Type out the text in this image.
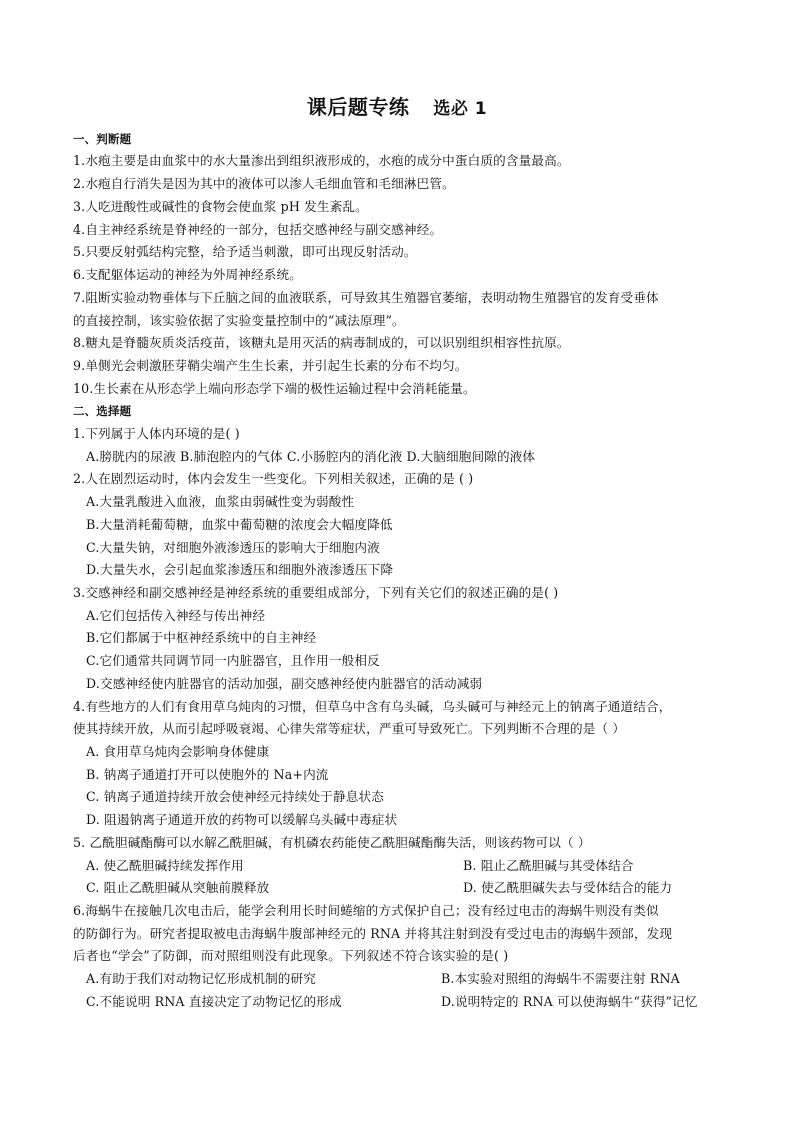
课后题专练 选必 1
一、判断题
1.水疱主要是由血浆中的水大量渗出到组织液形成的，水疱的成分中蛋白质的含量最高。
2.水疱自行消失是因为其中的液体可以渗人毛细血管和毛细淋巴管。
3.人吃进酸性或碱性的食物会使血浆 pH 发生紊乱。
4.自主神经系统是脊神经的一部分，包括交感神经与副交感神经。
5.只要反射弧结构完整，给予适当刺激，即可出现反射活动。
6.支配躯体运动的神经为外周神经系统。
7.阻断实验动物垂体与下丘脑之间的血液联系，可导致其生殖器官萎缩，表明动物生殖器官的发育受垂体
的直接控制，该实验依据了实验变量控制中的“减法原理”。
8.糖丸是脊髓灰质炎活疫苗，该糖丸是用灭活的病毒制成的，可以识别组织相容性抗原。
9.单侧光会刺激胚芽鞘尖端产生生长素，并引起生长素的分布不均匀。
10.生长素在从形态学上端向形态学下端的极性运输过程中会消耗能量。
二、选择题
1.下列属于人体内环境的是( )
A.膀胱内的尿液 B.肺泡腔内的气体 C.小肠腔内的消化液 D.大脑细胞间隙的液体
2.人在剧烈运动时，体内会发生一些变化。下列相关叙述，正确的是 ( )
A.大量乳酸进入血液，血浆由弱碱性变为弱酸性
B.大量消耗葡萄糖，血浆中葡萄糖的浓度会大幅度降低
C.大量失钠，对细胞外液渗透压的影响大于细胞内液
D.大量失水，会引起血浆渗透压和细胞外液渗透压下降
3.交感神经和副交感神经是神经系统的重要组成部分，下列有关它们的叙述正确的是( )
A.它们包括传入神经与传出神经
B.它们都属于中枢神经系统中的自主神经
C.它们通常共同调节同一内脏器官，且作用一般相反
D.交感神经使内脏器官的活动加强，副交感神经使内脏器官的活动减弱
4.有些地方的人们有食用草乌炖肉的习惯，但草乌中含有乌头碱，乌头碱可与神经元上的钠离子通道结合，
使其持续开放，从而引起呼吸衰竭、心律失常等症状，严重可导致死亡。下列判断不合理的是（ ）
A. 食用草乌炖肉会影响身体健康
B. 钠离子通道打开可以使胞外的 Na+内流
C. 钠离子通道持续开放会使神经元持续处于静息状态
D. 阻遏钠离子通道开放的药物可以缓解乌头碱中毒症状
5. 乙酰胆碱酯酶可以水解乙酰胆碱，有机磷农药能使乙酰胆碱酯酶失活，则该药物可以（ ）
A. 使乙酰胆碱持续发挥作用	B. 阻止乙酰胆碱与其受体结合
C. 阻止乙酰胆碱从突触前膜释放	D. 使乙酰胆碱失去与受体结合的能力
6.海蜗牛在接触几次电击后，能学会利用长时间蜷缩的方式保护自己；没有经过电击的海蜗牛则没有类似
的防御行为。研究者提取被电击海蜗牛腹部神经元的 RNA 并将其注射到没有受过电击的海蜗牛颈部，发现
后者也“学会”了防御，而对照组则没有此现象。下列叙述不符合该实验的是( )
A.有助于我们对动物记忆形成机制的研究	B.本实验对照组的海蜗牛不需要注射 RNA
C.不能说明 RNA 直接决定了动物记忆的形成	D.说明特定的 RNA 可以使海蜗牛“获得”记忆
